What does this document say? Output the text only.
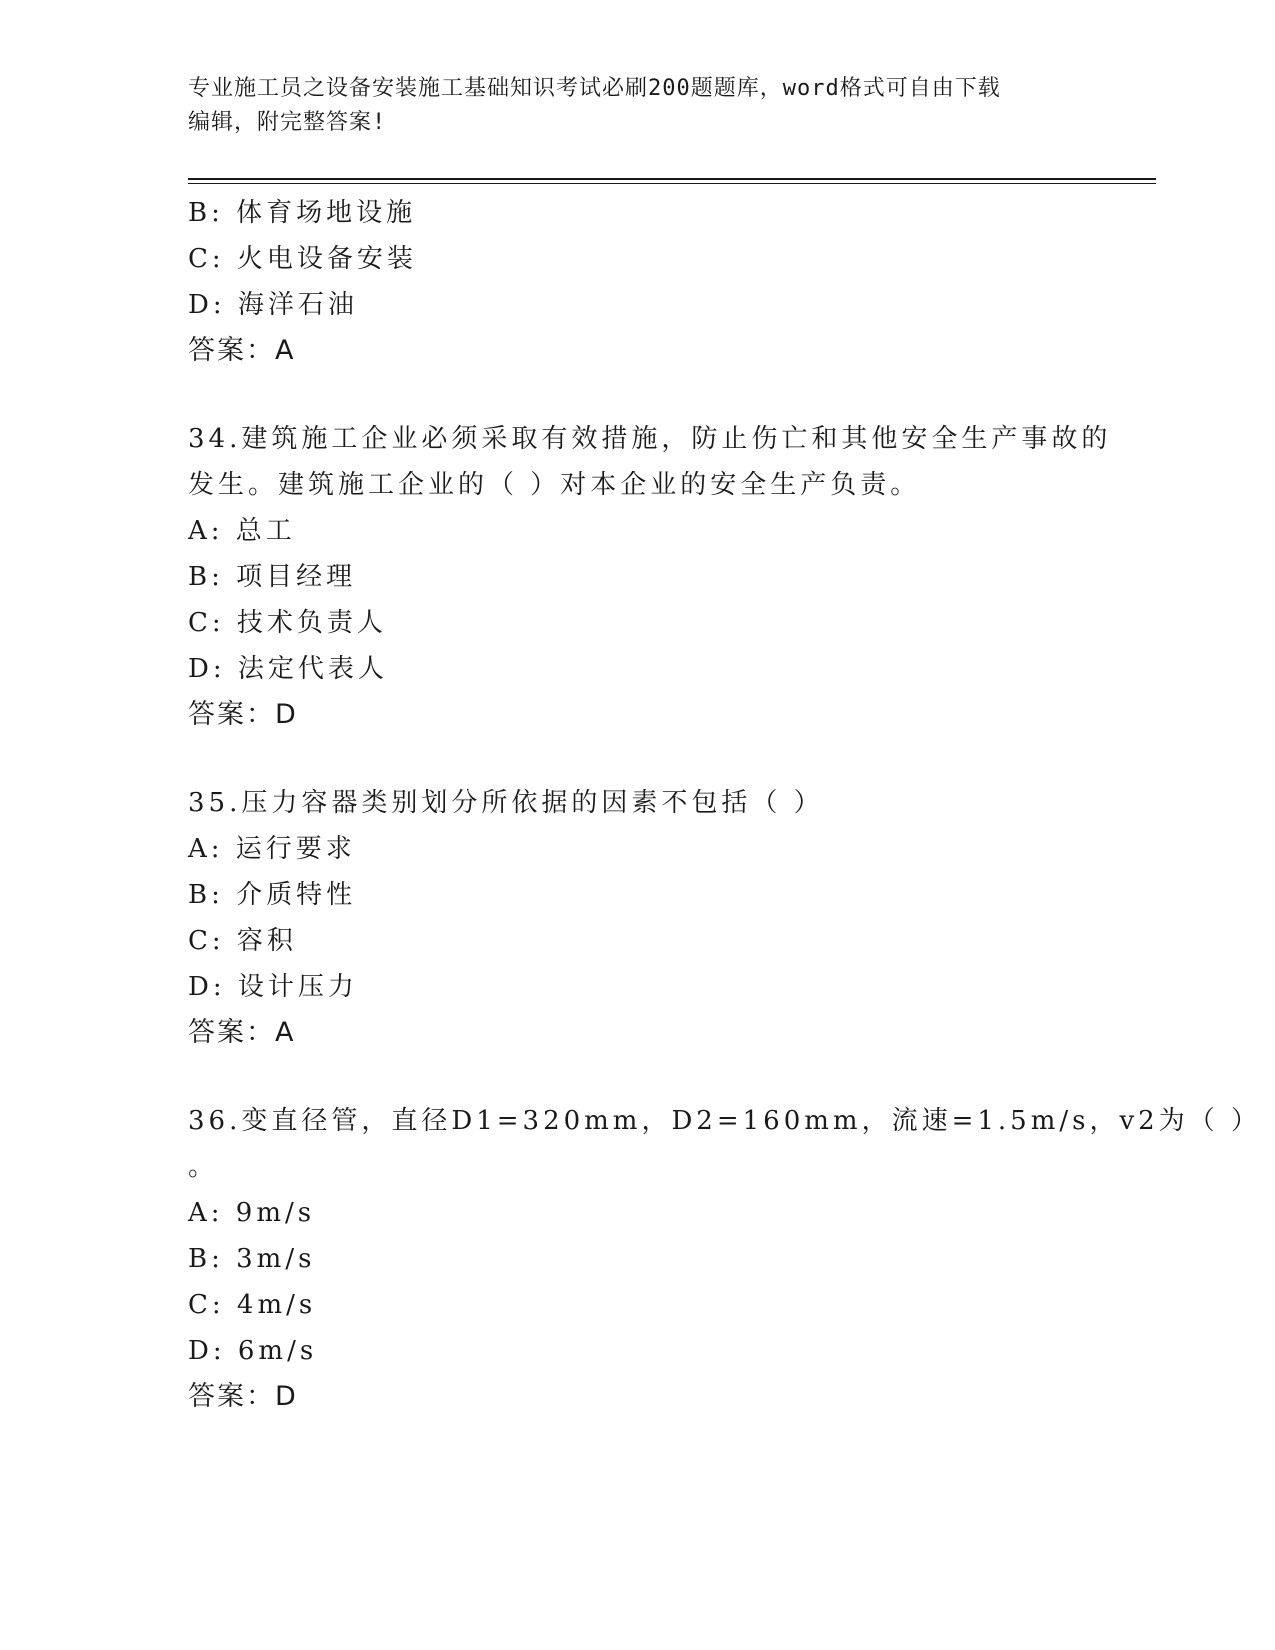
专业施工员之设备安装施工基础知识考试必刷200题题库，word格式可自由下载
编辑，附完整答案!
B: 体育场地设施
C: 火电设备安装
D: 海洋石油
答案：A
34.建筑施工企业必须采取有效措施，防止伤亡和其他安全生产事故的
发生。建筑施工企业的（ ）对本企业的安全生产负责。
A: 总工
B: 项目经理
C: 技术负责人
D: 法定代表人
答案：D
35.压力容器类别划分所依据的因素不包括（ ）
A: 运行要求
B: 介质特性
C: 容积
D: 设计压力
答案：A
36.变直径管，直径D1=320mm，D2=160mm，流速=1.5m/s，v2为（ ）
。
A: 9m/s
B: 3m/s
C: 4m/s
D: 6m/s
答案：D
